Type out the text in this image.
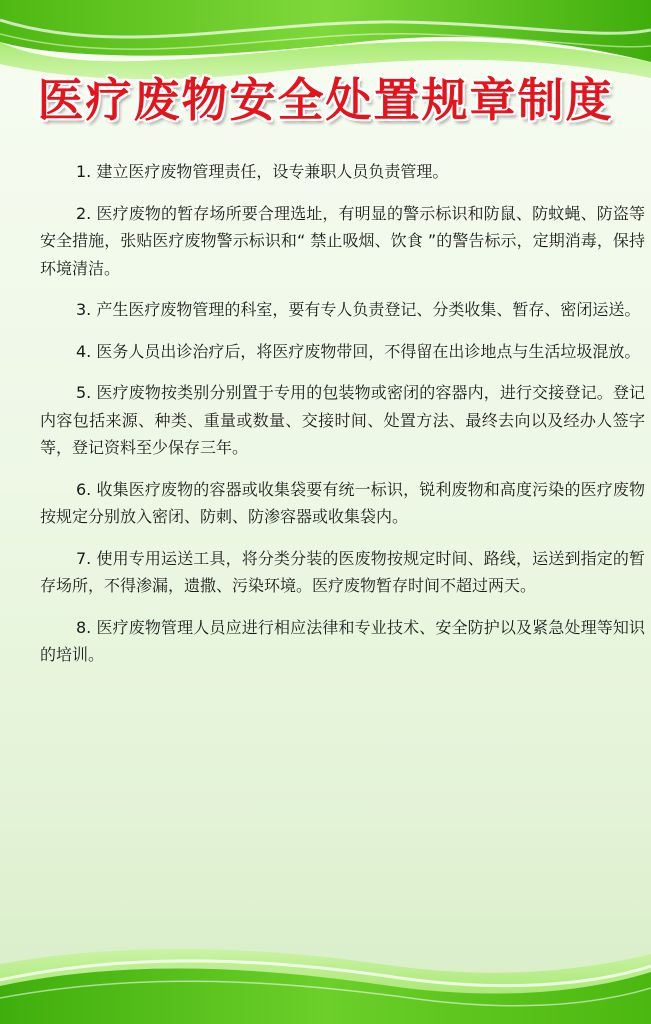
医疗废物安全处置规章制度

1. 建立医疗废物管理责任，设专兼职人员负责管理。

2. 医疗废物的暂存场所要合理选址，有明显的警示标识和防鼠、防蚊蝇、防盗等安全措施，张贴医疗废物警示标识和“ 禁止吸烟、饮食 ”的警告标示，定期消毒，保持环境清洁。

3. 产生医疗废物管理的科室，要有专人负责登记、分类收集、暂存、密闭运送。

4. 医务人员出诊治疗后，将医疗废物带回，不得留在出诊地点与生活垃圾混放。

5. 医疗废物按类别分别置于专用的包装物或密闭的容器内，进行交接登记。登记内容包括来源、种类、重量或数量、交接时间、处置方法、最终去向以及经办人签字等，登记资料至少保存三年。

6. 收集医疗废物的容器或收集袋要有统一标识，锐利废物和高度污染的医疗废物按规定分别放入密闭、防刺、防渗容器或收集袋内。

7. 使用专用运送工具，将分类分装的医废物按规定时间、路线，运送到指定的暂存场所，不得渗漏，遗撒、污染环境。医疗废物暂存时间不超过两天。

8. 医疗废物管理人员应进行相应法律和专业技术、安全防护以及紧急处理等知识的培训。
